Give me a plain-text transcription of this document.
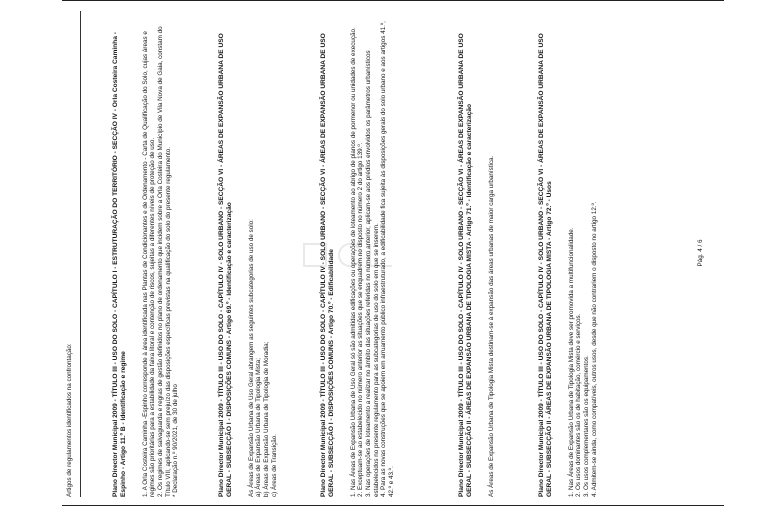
Artigos de regulamentos identificados na confrontação:	Plano Director Municipal 2009 - TÍTULO III - USO DO SOLO - CAPÍTULO I - ESTRUTURAÇÃO DO TERRITÓRIO - SECÇÃO IV - Orla Costeira Caminha -Espinho - Artigo 11.º B - Identificação e regime 1. A Orla Costeira Caminha -Espinho corresponde à área identificada nas Plantas de Condicionantes e de Ordenamento - Carta de Qualificação do Solo, cujas áreas e regimes são prioritárias para a estabilidade da faixa litoral e contenção de riscos, sujeitas a diferentes níveis de proteção de uso. 2. Os regimes de salvaguarda e regras de gestão definidos no plano de ordenamento que incidem sobre a Orla Costeira do Município de Vila Nova de Gaia, constam do Título VIII, aplicando-se sem prejuízo das disposições específicas previstas na qualificação do solo do presente regulamento. * Declaração n.º 90/2021, de 30 de julho	Plano Director Municipal 2009 - TÍTULO III - USO DO SOLO - CAPÍTULO IV - SOLO URBANO - SECÇÃO VI - ÁREAS DE EXPANSÃO URBANA DE USO GERAL - SUBSECÇÃO I - DISPOSIÇÕES COMUNS - Artigo 69.º - Identificação e caracterização As Áreas de Expansão Urbana de Uso Geral abrangem as seguintes subcategorias de uso de solo: a) Áreas de Expansão Urbana de Tipologia Mista; b) Áreas de Expansão Urbana de Tipologia de Moradia; c) Áreas de Transição.	Plano Director Municipal 2009 - TÍTULO III - USO DO SOLO - CAPÍTULO IV - SOLO URBANO - SECÇÃO VI - ÁREAS DE EXPANSÃO URBANA DE USO GERAL - SUBSECÇÃO I - DISPOSIÇÕES COMUNS - Artigo 70.º - Edificabilidade 1. Nas Áreas de Expansão Urbana de Uso Geral só são admitidas edificações ou operações de loteamento ao abrigo de planos de pormenor ou unidades de execução. 2. Exceptuam-se ao estabelecido no número anterior as situações que se enquadrem no disposto no número 2 do artigo 139.º. 3. Nas operações de loteamento a realizar no âmbito das situações referidas no número anterior, aplicam-se aos prédios envolvidos os parâmetros urbanísticos estabelecidos no presente regulamento para as subcategorias de uso do solo em que se inserem. 4. Para as novas construções que se apoiem em arruamento público infraestruturado, a edificabilidade fica sujeita às disposições gerais do solo urbano e aos artigos 41.º, 42.º e 43.º.	Plano Director Municipal 2009 - TÍTULO III - USO DO SOLO - CAPÍTULO IV - SOLO URBANO - SECÇÃO VI - ÁREAS DE EXPANSÃO URBANA DE USO GERAL - SUBSECÇÃO II - ÁREAS DE EXPANSÃO URBANA DE TIPOLOGIA MISTA - Artigo 71.º - Identificação e caracterização As Áreas de Expansão Urbana de Tipologia Mista destinam-se à expansão das áreas urbanas de maior carga urbanística.	Plano Director Municipal 2009 - TÍTULO III - USO DO SOLO - CAPÍTULO IV - SOLO URBANO - SECÇÃO VI - ÁREAS DE EXPANSÃO URBANA DE USO GERAL - SUBSECÇÃO II - ÁREAS DE EXPANSÃO URBANA DE TIPOLOGIA MISTA - Artigo 72.º - Usos 1. Nas Áreas de Expansão Urbana de Tipologia Mista deve ser promovida a multifuncionalidade. 2. Os usos dominantes são os de habitação, comércio e serviços. 3. Os usos complementares são os equipamentos. 4. Admitem-se ainda, como compatíveis, outros usos, desde que não contrariem o disposto no artigo 12.º.	Pág. 4 / 6
